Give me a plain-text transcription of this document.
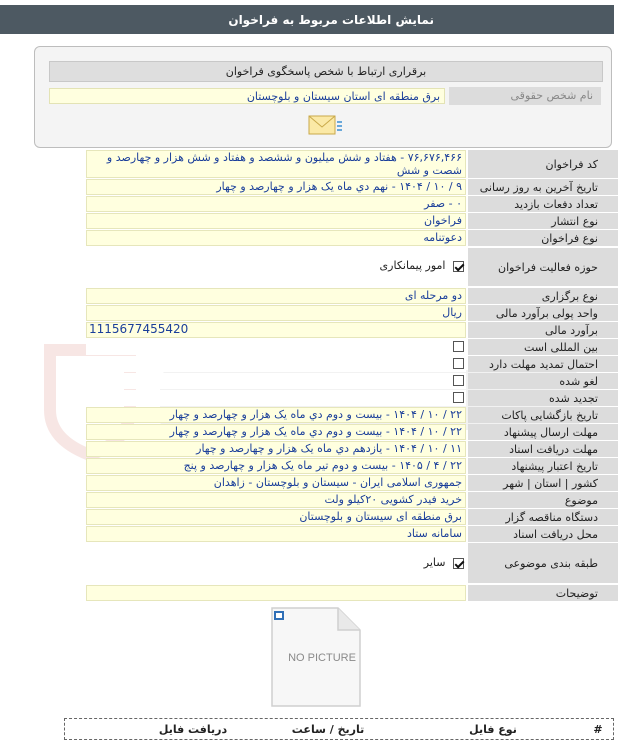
نمایش اطلاعات مربوط به فراخوان
برقراری ارتباط با شخص پاسخگوی فراخوان
نام شخص حقوقی
برق منطقه ای استان سیستان و بلوچستان
کد فراخوان
۷۶,۶۷۶,۴۶۶ - هفتاد و شش میلیون و ششصد و هفتاد و شش هزار و چهارصد و شصت و شش
تاریخ آخرین به روز رسانی
۹ / ۱۰ / ۱۴۰۴ - نهم دي ماه یک هزار و چهارصد و چهار
تعداد دفعات بازدید
۰ - صفر
نوع انتشار
فراخوان
نوع فراخوان
دعوتنامه
حوزه فعالیت فراخوان
امور پیمانکاری
نوع برگزاری
دو مرحله ای
واحد پولی برآورد مالی
ریال
برآورد مالی
1115677455420
بین المللی است
احتمال تمدید مهلت دارد
لغو شده
تجدید شده
تاریخ بازگشایی پاکات
۲۲ / ۱۰ / ۱۴۰۴ - بیست و دوم دي ماه یک هزار و چهارصد و چهار
مهلت ارسال پیشنهاد
۲۲ / ۱۰ / ۱۴۰۴ - بیست و دوم دي ماه یک هزار و چهارصد و چهار
مهلت دریافت اسناد
۱۱ / ۱۰ / ۱۴۰۴ - یازدهم دي ماه یک هزار و چهارصد و چهار
تاریخ اعتبار پیشنهاد
۲۲ / ۴ / ۱۴۰۵ - بیست و دوم تیر ماه یک هزار و چهارصد و پنج
کشور | استان | شهر
جمهوری اسلامی ایران - سیستان و بلوچستان - زاهدان
موضوع
خرید فیدر کشویی ۲۰کیلو ولت
دستگاه مناقصه گزار
برق منطقه ای سیستان و بلوچستان
محل دریافت اسناد
سامانه ستاد
طبقه بندی موضوعی
سایر
توضیحات
NO PICTURE
#
نوع فایل
تاریخ / ساعت
دریافت فایل
